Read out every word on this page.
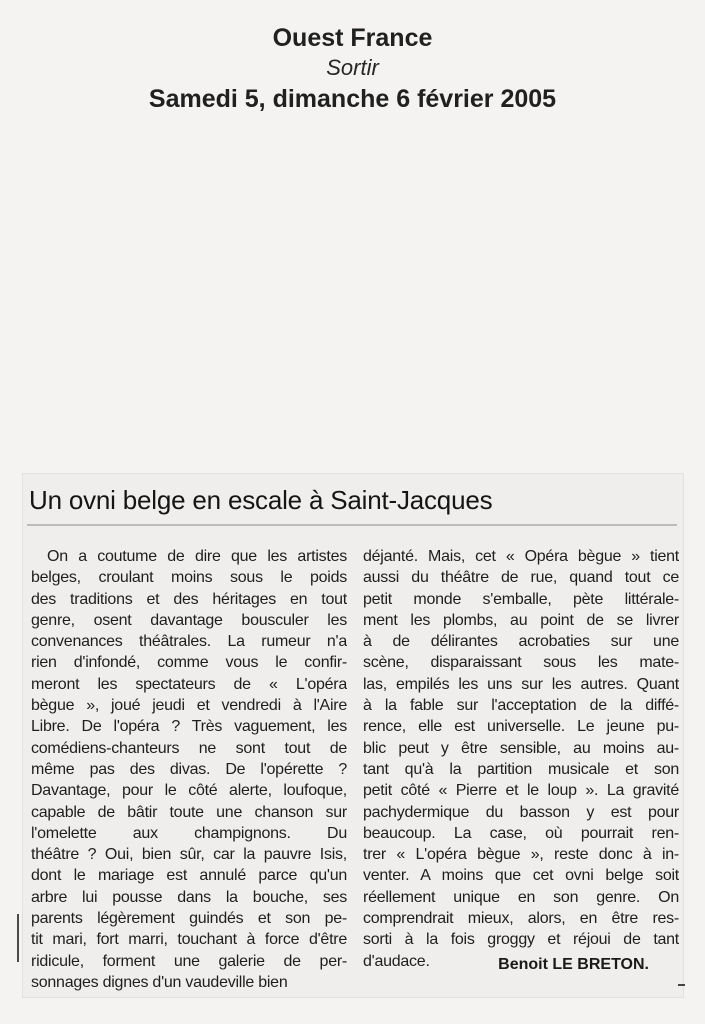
Ouest France
Sortir
Samedi 5, dimanche 6 février 2005
Un ovni belge en escale à Saint-Jacques
On a coutume de dire que les artistes
belges, croulant moins sous le poids
des traditions et des héritages en tout
genre, osent davantage bousculer les
convenances théâtrales. La rumeur n'a
rien d'infondé, comme vous le confir-
meront les spectateurs de « L'opéra
bègue », joué jeudi et vendredi à l'Aire
Libre. De l'opéra ? Très vaguement, les
comédiens-chanteurs ne sont tout de
même pas des divas. De l'opérette ?
Davantage, pour le côté alerte, loufoque,
capable de bâtir toute une chanson sur
l'omelette aux champignons. Du
théâtre ? Oui, bien sûr, car la pauvre Isis,
dont le mariage est annulé parce qu'un
arbre lui pousse dans la bouche, ses
parents légèrement guindés et son pe-
tit mari, fort marri, touchant à force d'être
ridicule, forment une galerie de per-
sonnages dignes d'un vaudeville bien
déjanté. Mais, cet « Opéra bègue » tient
aussi du théâtre de rue, quand tout ce
petit monde s'emballe, pète littérale-
ment les plombs, au point de se livrer
à de délirantes acrobaties sur une
scène, disparaissant sous les mate-
las, empilés les uns sur les autres. Quant
à la fable sur l'acceptation de la diffé-
rence, elle est universelle. Le jeune pu-
blic peut y être sensible, au moins au-
tant qu'à la partition musicale et son
petit côté « Pierre et le loup ». La gravité
pachydermique du basson y est pour
beaucoup. La case, où pourrait ren-
trer « L'opéra bègue », reste donc à in-
venter. A moins que cet ovni belge soit
réellement unique en son genre. On
comprendrait mieux, alors, en être res-
sorti à la fois groggy et réjoui de tant
d'audace.	Benoit LE BRETON.
